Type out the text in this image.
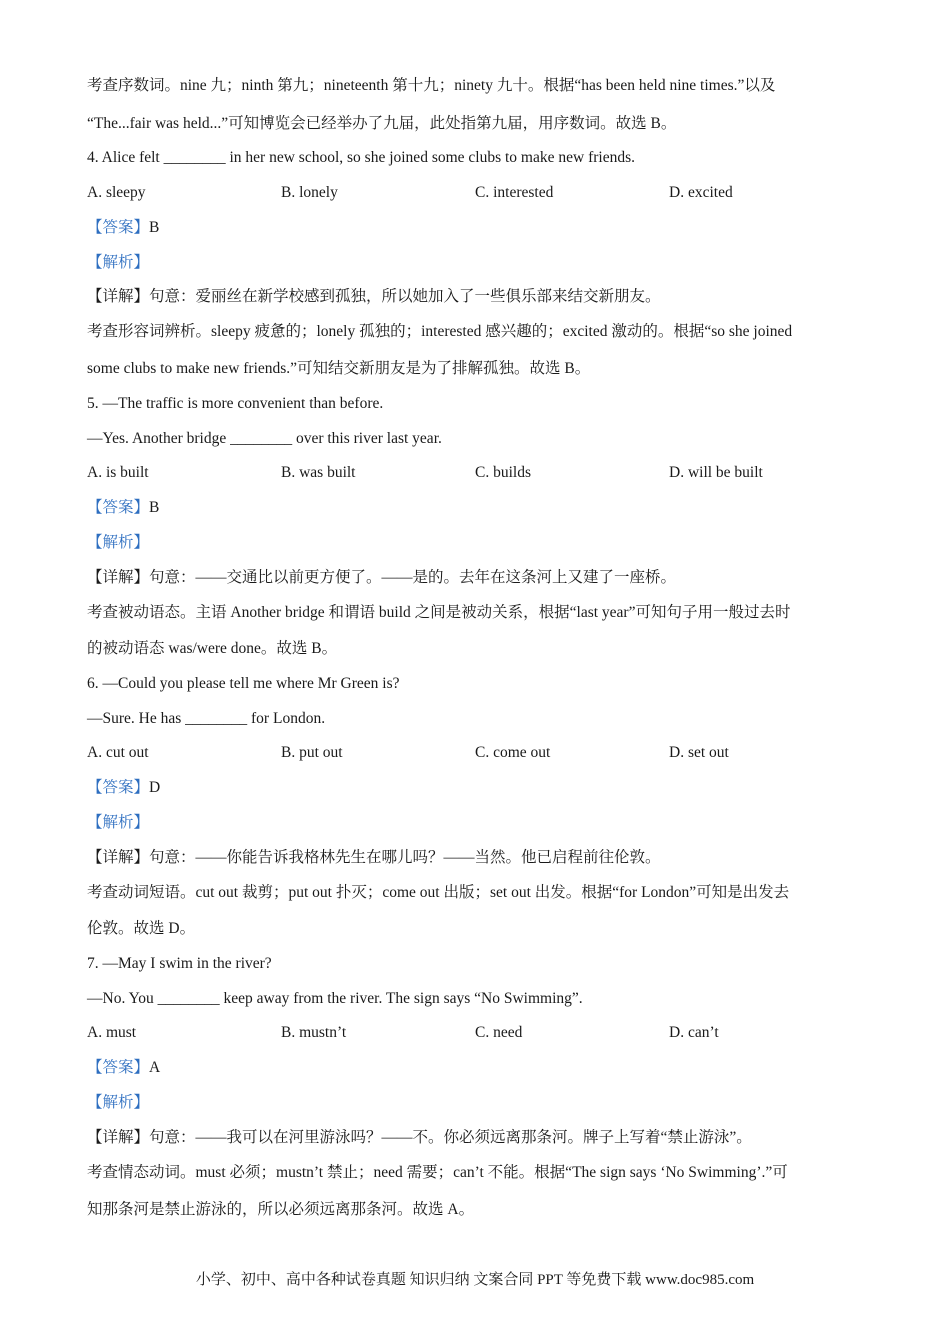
考查序数词。nine 九；ninth 第九；nineteenth 第十九；ninety 九十。根据“has been held nine times.”以及
“The...fair was held...”可知博览会已经举办了九届，此处指第九届，用序数词。故选 B。
4. Alice felt ________ in her new school, so she joined some clubs to make new friends.
A. sleepy	B. lonely	C. interested	D. excited
【答案】B
【解析】
【详解】句意：爱丽丝在新学校感到孤独，所以她加入了一些俱乐部来结交新朋友。
考查形容词辨析。sleepy 疲惫的；lonely 孤独的；interested 感兴趣的；excited 激动的。根据“so she joined
some clubs to make new friends.”可知结交新朋友是为了排解孤独。故选 B。
5. —The traffic is more convenient than before.
—Yes. Another bridge ________ over this river last year.
A. is built	B. was built	C. builds	D. will be built
【答案】B
【解析】
【详解】句意：——交通比以前更方便了。——是的。去年在这条河上又建了一座桥。
考查被动语态。主语 Another bridge 和谓语 build 之间是被动关系，根据“last year”可知句子用一般过去时
的被动语态 was/were done。故选 B。
6. —Could you please tell me where Mr Green is?
—Sure. He has ________ for London.
A. cut out	B. put out	C. come out	D. set out
【答案】D
【解析】
【详解】句意：——你能告诉我格林先生在哪儿吗？——当然。他已启程前往伦敦。
考查动词短语。cut out 裁剪；put out 扑灭；come out 出版；set out 出发。根据“for London”可知是出发去
伦敦。故选 D。
7. —May I swim in the river?
—No. You ________ keep away from the river. The sign says “No Swimming”.
A. must	B. mustn’t	C. need	D. can’t
【答案】A
【解析】
【详解】句意：——我可以在河里游泳吗？——不。你必须远离那条河。牌子上写着“禁止游泳”。
考查情态动词。must 必须；mustn’t 禁止；need 需要；can’t 不能。根据“The sign says ‘No Swimming’.”可
知那条河是禁止游泳的，所以必须远离那条河。故选 A。
小学、初中、高中各种试卷真题 知识归纳 文案合同 PPT 等免费下载 www.doc985.com
